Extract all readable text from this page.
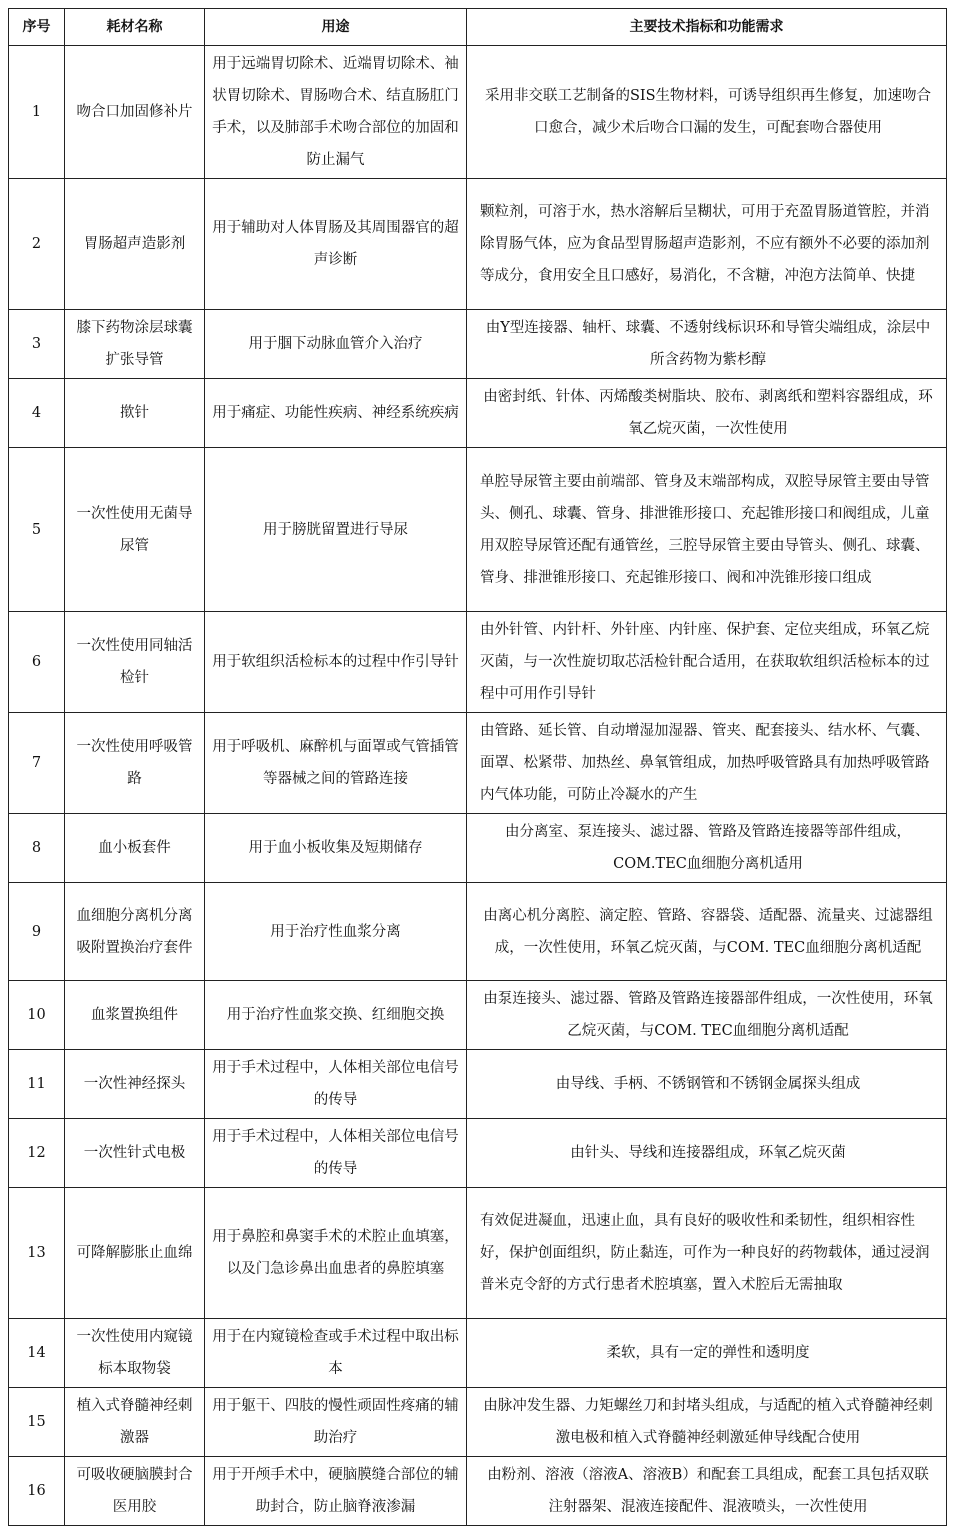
序号	耗材名称	用途	主要技术指标和功能需求
1	吻合口加固修补片	用于远端胃切除术、近端胃切除术、袖状胃切除术、胃肠吻合术、结直肠肛门手术，以及肺部手术吻合部位的加固和防止漏气	采用非交联工艺制备的SIS生物材料，可诱导组织再生修复，加速吻合口愈合，减少术后吻合口漏的发生，可配套吻合器使用
2	胃肠超声造影剂	用于辅助对人体胃肠及其周围器官的超声诊断	颗粒剂，可溶于水，热水溶解后呈糊状，可用于充盈胃肠道管腔，并消除胃肠气体，应为食品型胃肠超声造影剂，不应有额外不必要的添加剂等成分，食用安全且口感好，易消化，不含糖，冲泡方法简单、快捷
3	膝下药物涂层球囊扩张导管	用于腘下动脉血管介入治疗	由Y型连接器、轴杆、球囊、不透射线标识环和导管尖端组成，涂层中所含药物为紫杉醇
4	揿针	用于痛症、功能性疾病、神经系统疾病	由密封纸、针体、丙烯酸类树脂块、胶布、剥离纸和塑料容器组成，环氧乙烷灭菌，一次性使用
5	一次性使用无菌导尿管	用于膀胱留置进行导尿	单腔导尿管主要由前端部、管身及末端部构成，双腔导尿管主要由导管头、侧孔、球囊、管身、排泄锥形接口、充起锥形接口和阀组成，儿童用双腔导尿管还配有通管丝，三腔导尿管主要由导管头、侧孔、球囊、管身、排泄锥形接口、充起锥形接口、阀和冲洗锥形接口组成
6	一次性使用同轴活检针	用于软组织活检标本的过程中作引导针	由外针管、内针杆、外针座、内针座、保护套、定位夹组成，环氧乙烷灭菌，与一次性旋切取芯活检针配合适用，在获取软组织活检标本的过程中可用作引导针
7	一次性使用呼吸管路	用于呼吸机、麻醉机与面罩或气管插管等器械之间的管路连接	由管路、延长管、自动增湿加湿器、管夹、配套接头、结水杯、气囊、面罩、松紧带、加热丝、鼻氧管组成，加热呼吸管路具有加热呼吸管路内气体功能，可防止冷凝水的产生
8	血小板套件	用于血小板收集及短期储存	由分离室、泵连接头、滤过器、管路及管路连接器等部件组成，COM.TEC血细胞分离机适用
9	血细胞分离机分离吸附置换治疗套件	用于治疗性血浆分离	由离心机分离腔、滴定腔、管路、容器袋、适配器、流量夹、过滤器组成，一次性使用，环氧乙烷灭菌，与COM. TEC血细胞分离机适配
10	血浆置换组件	用于治疗性血浆交换、红细胞交换	由泵连接头、滤过器、管路及管路连接器部件组成，一次性使用，环氧乙烷灭菌，与COM. TEC血细胞分离机适配
11	一次性神经探头	用于手术过程中，人体相关部位电信号的传导	由导线、手柄、不锈钢管和不锈钢金属探头组成
12	一次性针式电极	用于手术过程中，人体相关部位电信号的传导	由针头、导线和连接器组成，环氧乙烷灭菌
13	可降解膨胀止血绵	用于鼻腔和鼻窦手术的术腔止血填塞，以及门急诊鼻出血患者的鼻腔填塞	有效促进凝血，迅速止血，具有良好的吸收性和柔韧性，组织相容性好，保护创面组织，防止黏连，可作为一种良好的药物载体，通过浸润普米克令舒的方式行患者术腔填塞，置入术腔后无需抽取
14	一次性使用内窥镜标本取物袋	用于在内窥镜检查或手术过程中取出标本	柔软，具有一定的弹性和透明度
15	植入式脊髓神经刺激器	用于躯干、四肢的慢性顽固性疼痛的辅助治疗	由脉冲发生器、力矩螺丝刀和封堵头组成，与适配的植入式脊髓神经刺激电极和植入式脊髓神经刺激延伸导线配合使用
16	可吸收硬脑膜封合医用胶	用于开颅手术中，硬脑膜缝合部位的辅助封合，防止脑脊液渗漏	由粉剂、溶液（溶液A、溶液B）和配套工具组成，配套工具包括双联注射器架、混液连接配件、混液喷头，一次性使用
